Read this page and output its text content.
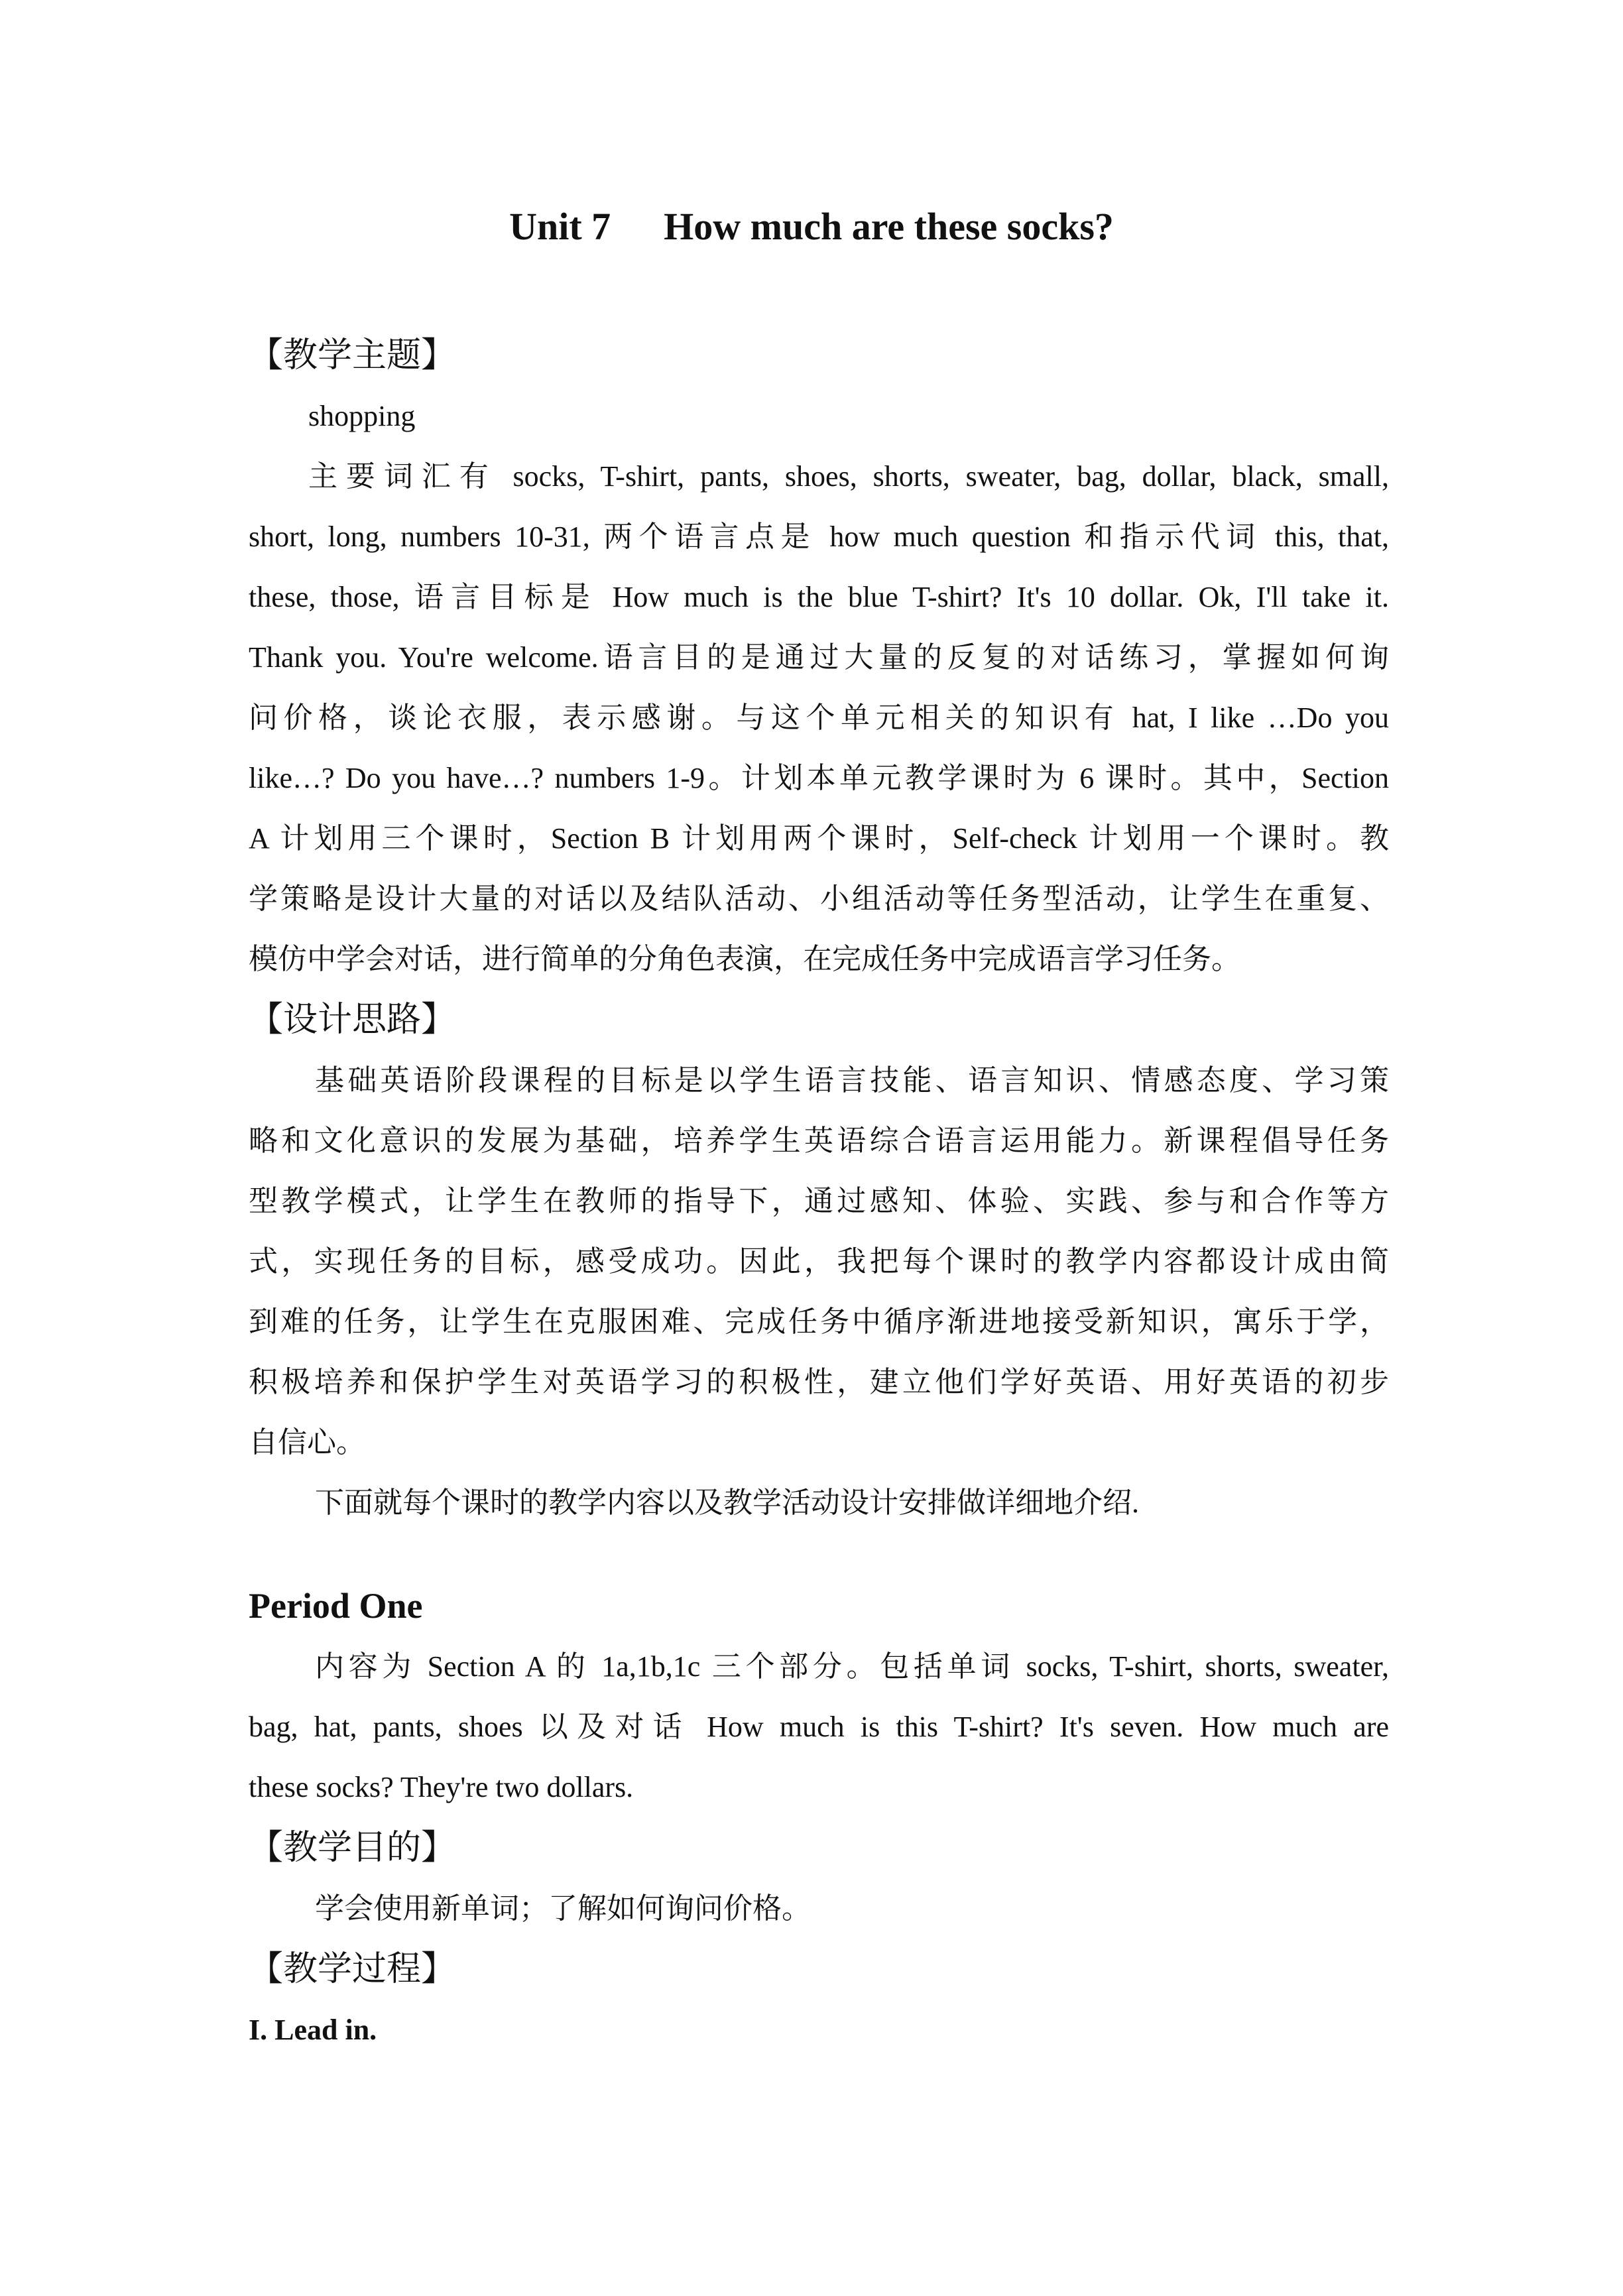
Unit 7 How much are these socks?
【教学主题】
shopping
主要词汇有 socks, T-shirt, pants, shoes, shorts, sweater, bag, dollar, black, small,
short, long, numbers 10-31, 两个语言点是 how much question 和指示代词 this, that,
these, those, 语言目标是 How much is the blue T-shirt? It's 10 dollar. Ok, I'll take it.
Thank you. You're welcome.语言目的是通过大量的反复的对话练习，掌握如何询
问价格，谈论衣服，表示感谢。与这个单元相关的知识有 hat, I like …Do you
like…? Do you have…? numbers 1-9。计划本单元教学课时为 6 课时。其中，Section
A 计划用三个课时，Section B 计划用两个课时，Self-check 计划用一个课时。教
学策略是设计大量的对话以及结队活动、小组活动等任务型活动，让学生在重复、
模仿中学会对话，进行简单的分角色表演，在完成任务中完成语言学习任务。
【设计思路】
基础英语阶段课程的目标是以学生语言技能、语言知识、情感态度、学习策
略和文化意识的发展为基础，培养学生英语综合语言运用能力。新课程倡导任务
型教学模式，让学生在教师的指导下，通过感知、体验、实践、参与和合作等方
式，实现任务的目标，感受成功。因此，我把每个课时的教学内容都设计成由简
到难的任务，让学生在克服困难、完成任务中循序渐进地接受新知识，寓乐于学，
积极培养和保护学生对英语学习的积极性，建立他们学好英语、用好英语的初步
自信心。
下面就每个课时的教学内容以及教学活动设计安排做详细地介绍.
Period One
内容为 Section A 的 1a,1b,1c 三个部分。包括单词 socks, T-shirt, shorts, sweater,
bag, hat, pants, shoes 以及对话 How much is this T-shirt? It's seven. How much are
these socks? They're two dollars.
【教学目的】
学会使用新单词；了解如何询问价格。
【教学过程】
I. Lead in.
